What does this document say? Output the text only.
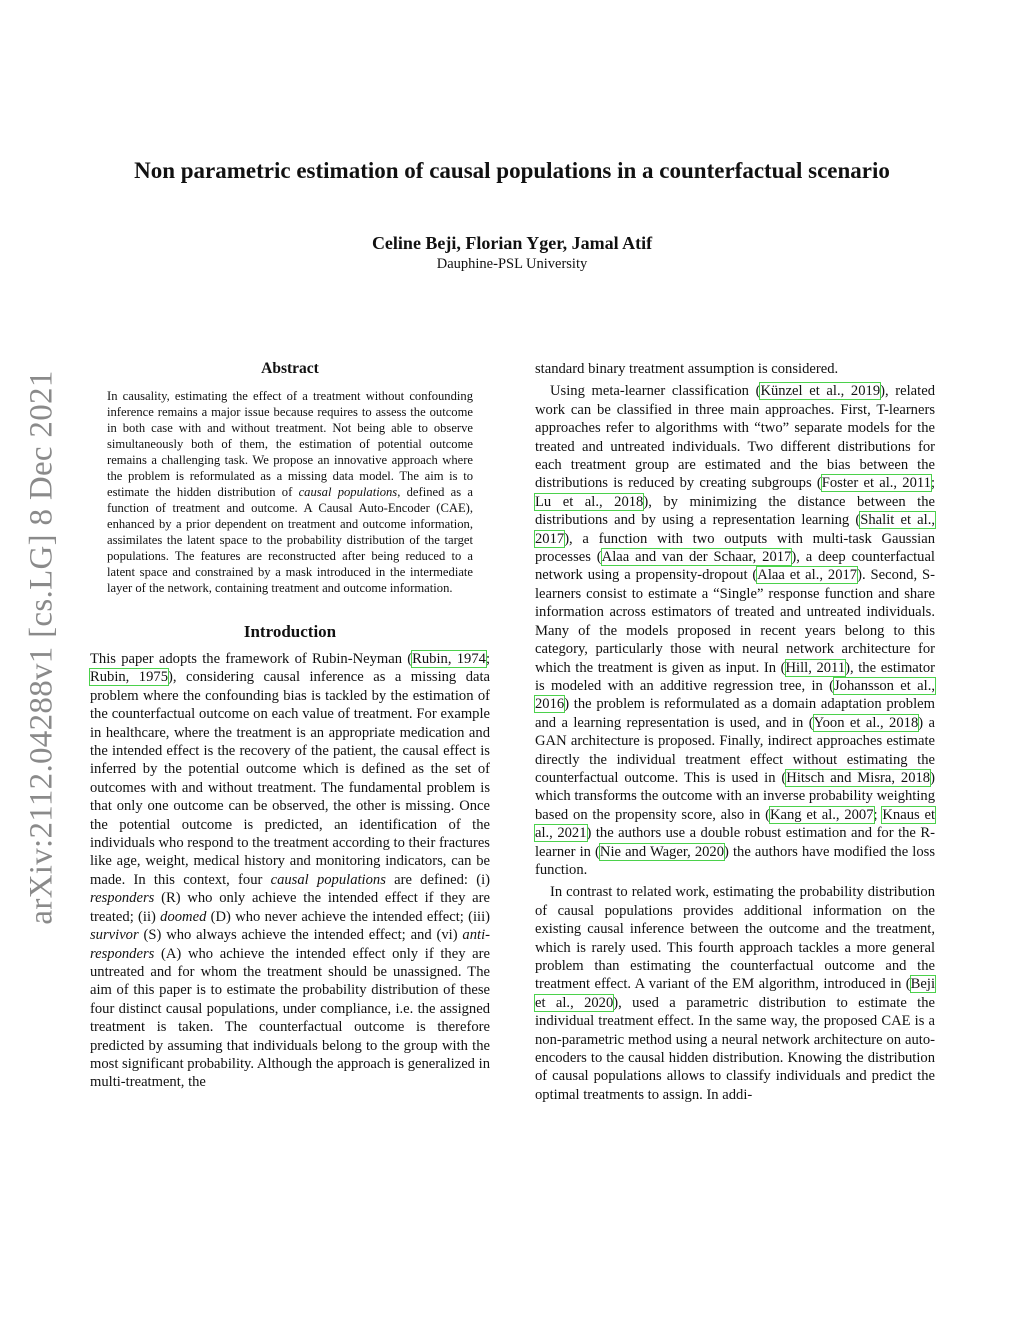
arXiv:2112.04288v1 [cs.LG] 8 Dec 2021
Non parametric estimation of causal populations in a counterfactual scenario
Celine Beji, Florian Yger, Jamal Atif
Dauphine-PSL University
Abstract

In causality, estimating the effect of a treatment without confounding inference remains a major issue because requires to assess the outcome in both case with and without treatment. Not being able to observe simultaneously both of them, the estimation of potential outcome remains a challenging task. We propose an innovative approach where the problem is reformulated as a missing data model. The aim is to estimate the hidden distribution of causal populations, defined as a function of treatment and outcome. A Causal Auto-Encoder (CAE), enhanced by a prior dependent on treatment and outcome information, assimilates the latent space to the probability distribution of the target populations. The features are reconstructed after being reduced to a latent space and constrained by a mask introduced in the intermediate layer of the network, containing treatment and outcome information.

Introduction

This paper adopts the framework of Rubin-Neyman (Rubin, 1974; Rubin, 1975), considering causal inference as a missing data problem where the confounding bias is tackled by the estimation of the counterfactual outcome on each value of treatment. For example in healthcare, where the treatment is an appropriate medication and the intended effect is the recovery of the patient, the causal effect is inferred by the potential outcome which is defined as the set of outcomes with and without treatment. The fundamental problem is that only one outcome can be observed, the other is missing. Once the potential outcome is predicted, an identification of the individuals who respond to the treatment according to their fractures like age, weight, medical history and monitoring indicators, can be made. In this context, four causal populations are defined: (i) responders (R) who only achieve the intended effect if they are treated; (ii) doomed (D) who never achieve the intended effect; (iii) survivor (S) who always achieve the intended effect; and (vi) anti-responders (A) who achieve the intended effect only if they are untreated and for whom the treatment should be unassigned. The aim of this paper is to estimate the probability distribution of these four distinct causal populations, under compliance, i.e. the assigned treatment is taken. The counterfactual outcome is therefore predicted by assuming that individuals belong to the group with the most significant probability. Although the approach is generalized in multi-treatment, the

standard binary treatment assumption is considered.

Using meta-learner classification (Künzel et al., 2019), related work can be classified in three main approaches. First, T-learners approaches refer to algorithms with “two” separate models for the treated and untreated individuals. Two different distributions for each treatment group are estimated and the bias between the distributions is reduced by creating subgroups (Foster et al., 2011; Lu et al., 2018), by minimizing the distance between the distributions and by using a representation learning (Shalit et al., 2017), a function with two outputs with multi-task Gaussian processes (Alaa and van der Schaar, 2017), a deep counterfactual network using a propensity-dropout (Alaa et al., 2017). Second, S-learners consist to estimate a “Single” response function and share information across estimators of treated and untreated individuals. Many of the models proposed in recent years belong to this category, particularly those with neural network architecture for which the treatment is given as input. In (Hill, 2011), the estimator is modeled with an additive regression tree, in (Johansson et al., 2016) the problem is reformulated as a domain adaptation problem and a learning representation is used, and in (Yoon et al., 2018) a GAN architecture is proposed. Finally, indirect approaches estimate directly the individual treatment effect without estimating the counterfactual outcome. This is used in (Hitsch and Misra, 2018) which transforms the outcome with an inverse probability weighting based on the propensity score, also in (Kang et al., 2007; Knaus et al., 2021) the authors use a double robust estimation and for the R-learner in (Nie and Wager, 2020) the authors have modified the loss function.

In contrast to related work, estimating the probability distribution of causal populations provides additional information on the existing causal inference between the outcome and the treatment, which is rarely used. This fourth approach tackles a more general problem than estimating the counterfactual outcome and the treatment effect. A variant of the EM algorithm, introduced in (Beji et al., 2020), used a parametric distribution to estimate the individual treatment effect. In the same way, the proposed CAE is a non-parametric method using a neural network architecture on auto-encoders to the causal hidden distribution. Knowing the distribution of causal populations allows to classify individuals and predict the optimal treatments to assign. In addi-
